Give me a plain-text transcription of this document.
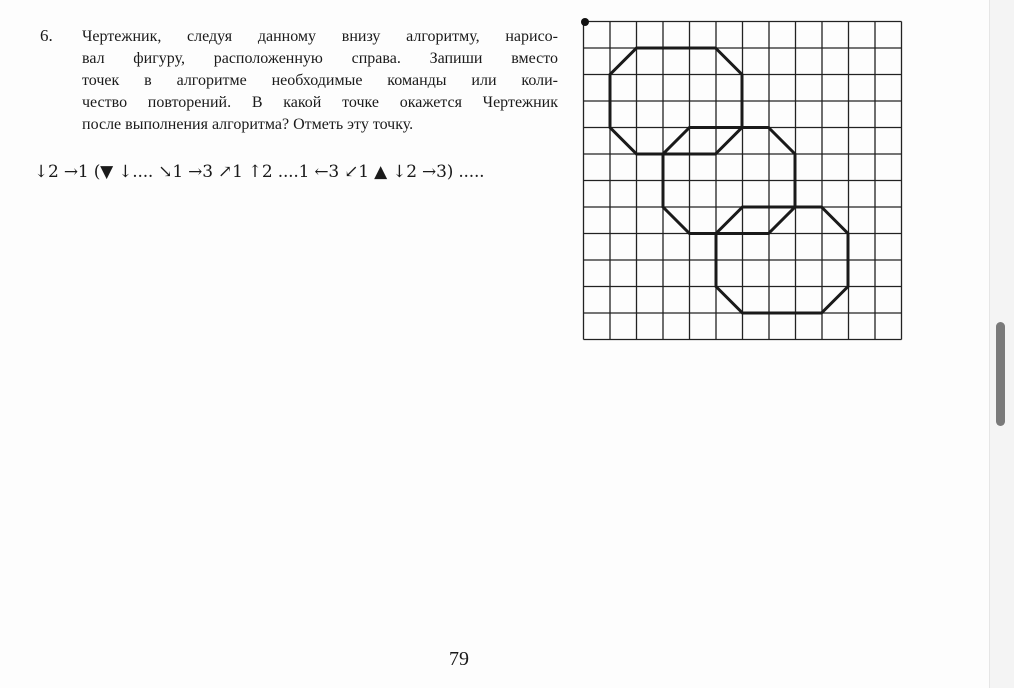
6. Чертежник, следуя данному внизу алгоритму, нарисо-
вал фигуру, расположенную справа. Запиши вместо
точек в алгоритме необходимые команды или коли-
чество повторений. В какой точке окажется Чертежник
после выполнения алгоритма? Отметь эту точку.
↓2 →1 (▼ ↓.... ↘1 →3 ↗1 ↑2 ....1 ←3 ↙1 ▲ ↓2 →3) .....
79
